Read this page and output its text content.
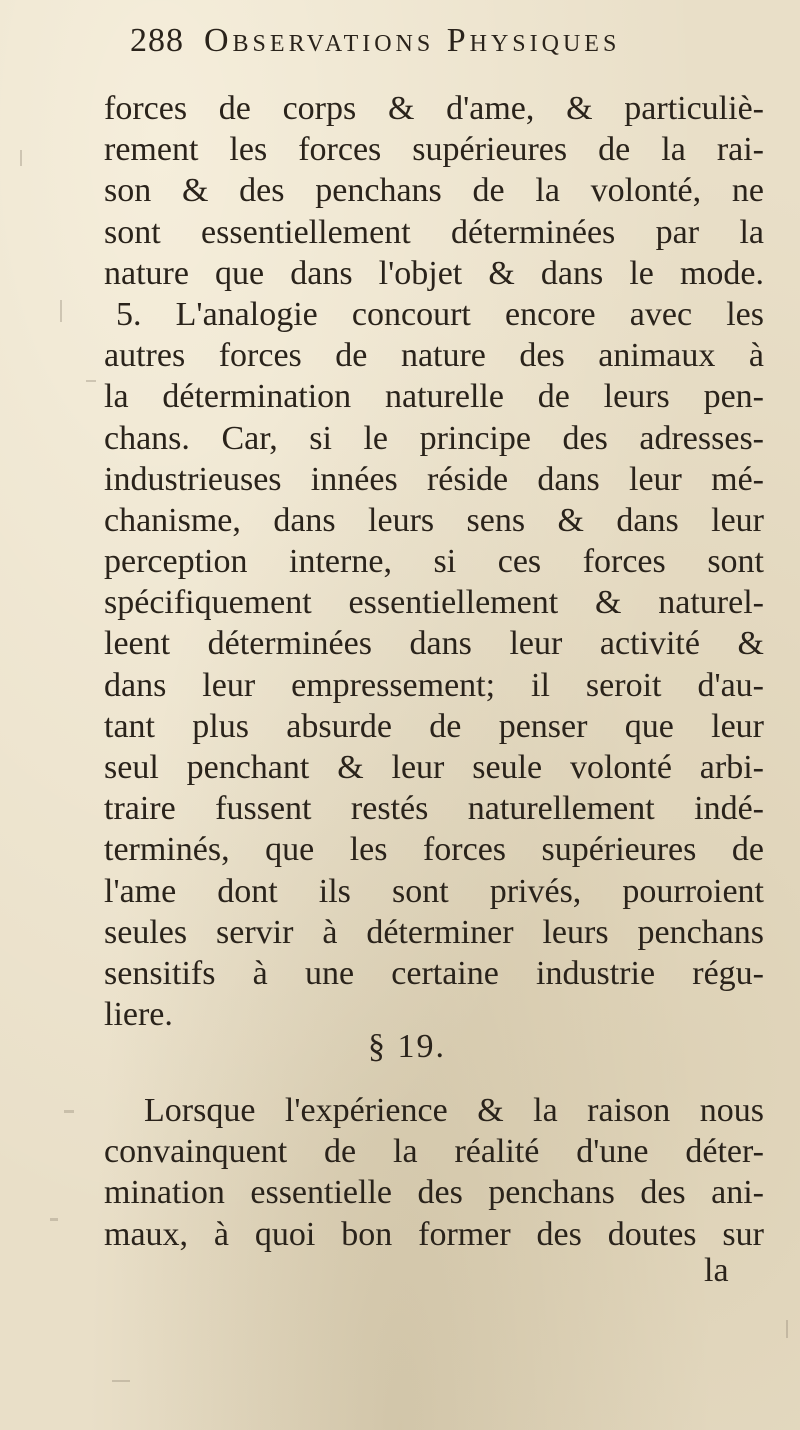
288 Observations Physiques
forces de corps & d'ame, & particuliè-
rement les forces supérieures de la rai-
son & des penchans de la volonté, ne
sont essentiellement déterminées par la
nature que dans l'objet & dans le mode.
5. L'analogie concourt encore avec les
autres forces de nature des animaux à
la détermination naturelle de leurs pen-
chans. Car, si le principe des adresses-
industrieuses innées réside dans leur mé-
chanisme, dans leurs sens & dans leur
perception interne, si ces forces sont
spécifiquement essentiellement & naturel-
leent déterminées dans leur activité &
dans leur empressement; il seroit d'au-
tant plus absurde de penser que leur
seul penchant & leur seule volonté arbi-
traire fussent restés naturellement indé-
terminés, que les forces supérieures de
l'ame dont ils sont privés, pourroient
seules servir à déterminer leurs penchans
sensitifs à une certaine industrie régu-
liere.
§ 19.
Lorsque l'expérience & la raison nous
convainquent de la réalité d'une déter-
mination essentielle des penchans des ani-
maux, à quoi bon former des doutes sur
la
